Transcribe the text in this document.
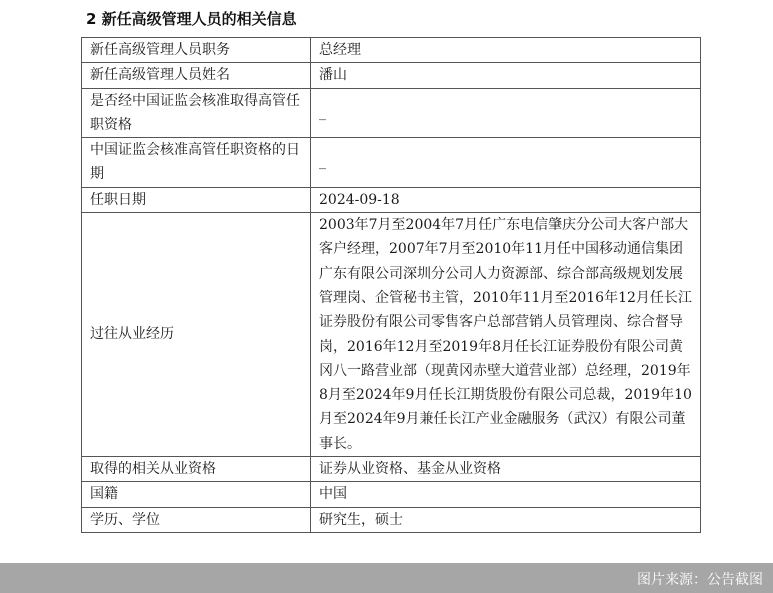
2 新任高级管理人员的相关信息
新任高级管理人员职务	总经理
新任高级管理人员姓名	潘山
是否经中国证监会核准取得高管任职资格	_
中国证监会核准高管任职资格的日期	_
任职日期	2024-09-18
过往从业经历	2003年7月至2004年7月任广东电信肇庆分公司大客户部大客户经理，2007年7月至2010年11月任中国移动通信集团广东有限公司深圳分公司人力资源部、综合部高级规划发展管理岗、企管秘书主管，2010年11月至2016年12月任长江证券股份有限公司零售客户总部营销人员管理岗、综合督导岗，2016年12月至2019年8月任长江证券股份有限公司黄冈八一路营业部（现黄冈赤壁大道营业部）总经理，2019年8月至2024年9月任长江期货股份有限公司总裁，2019年10月至2024年9月兼任长江产业金融服务（武汉）有限公司董事长。
取得的相关从业资格	证券从业资格、基金从业资格
国籍	中国
学历、学位	研究生，硕士
图片来源：公告截图
